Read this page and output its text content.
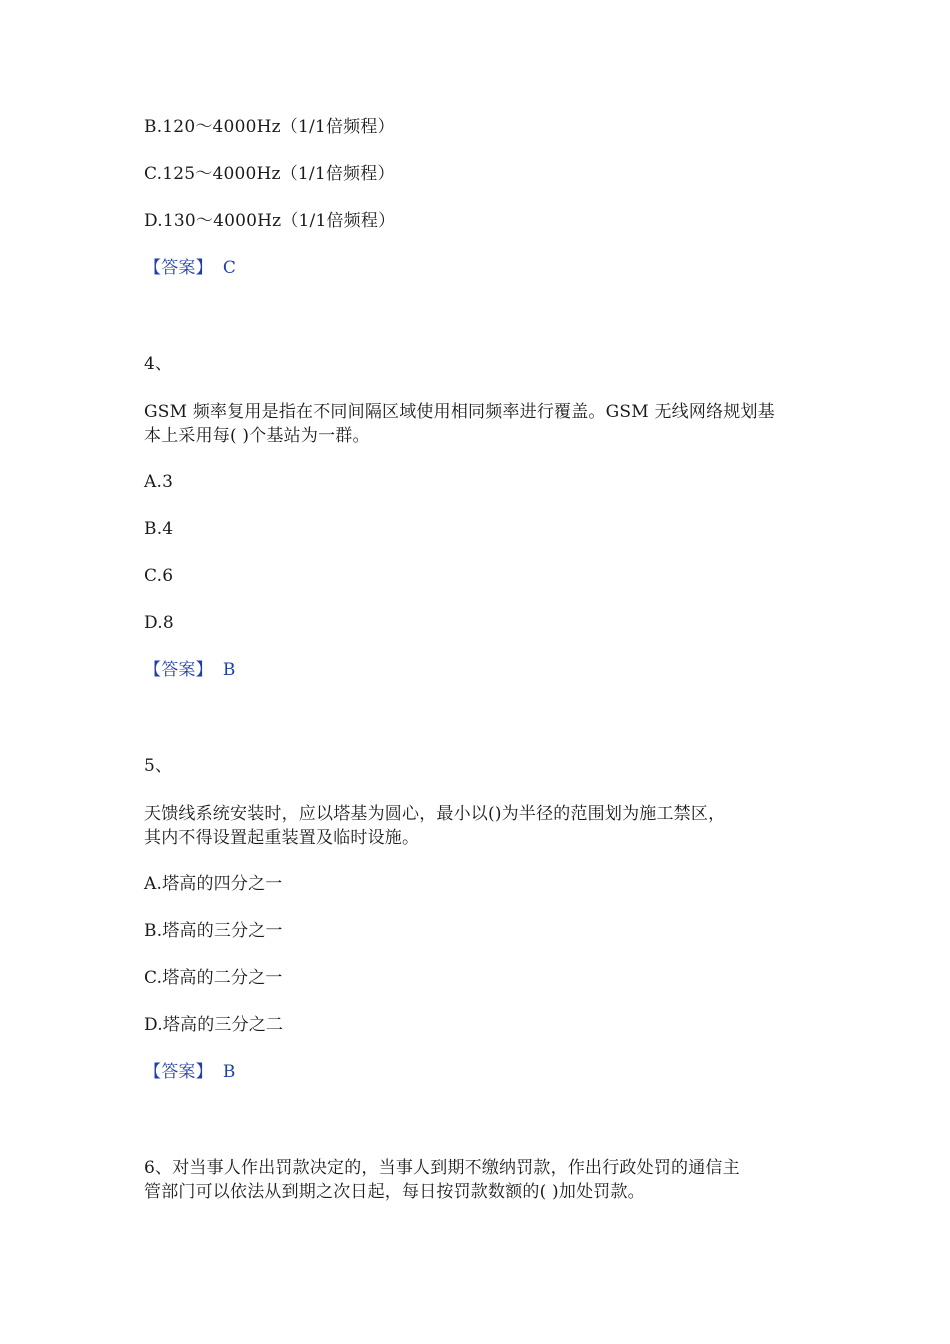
B.120～4000Hz（1/1倍频程）
C.125～4000Hz（1/1倍频程）
D.130～4000Hz（1/1倍频程）
【答案】 C
4、
GSM 频率复用是指在不同间隔区域使用相同频率进行覆盖。GSM 无线网络规划基
本上采用每( )个基站为一群。
A.3
B.4
C.6
D.8
【答案】 B
5、
天馈线系统安装时，应以塔基为圆心，最小以()为半径的范围划为施工禁区，
其内不得设置起重装置及临时设施。
A.塔高的四分之一
B.塔高的三分之一
C.塔高的二分之一
D.塔高的三分之二
【答案】 B
6、对当事人作出罚款决定的，当事人到期不缴纳罚款，作出行政处罚的通信主
管部门可以依法从到期之次日起，每日按罚款数额的( )加处罚款。
